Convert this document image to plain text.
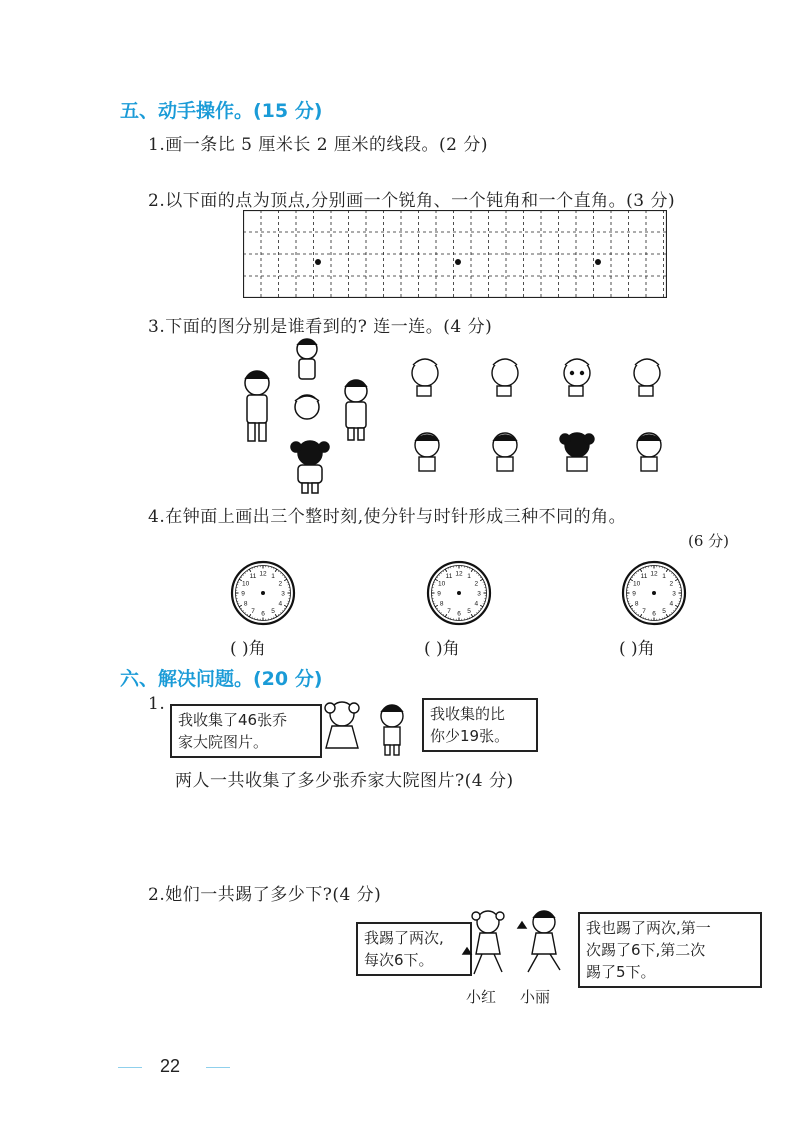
五、动手操作。(15 分)
1.画一条比 5 厘米长 2 厘米的线段。(2 分)
2.以下面的点为顶点,分别画一个锐角、一个钝角和一个直角。(3 分)
3.下面的图分别是谁看到的? 连一连。(4 分)
4.在钟面上画出三个整时刻,使分针与时针形成三种不同的角。
(6 分)
12 1
2
3
4
5
6
7
8
9
10
11	12 1
2
3
4
5
6
7
8
9
10
11	12 1
2
3
4
5
6
7
8
9
10
11
( )角	( )角	( )角
六、解决问题。(20 分)
1.
我收集了46张乔
家大院图片。
我收集的比
你少19张。
两人一共收集了多少张乔家大院图片?(4 分)
2.她们一共踢了多少下?(4 分)
我踢了两次,
每次6下。
我也踢了两次,第一
次踢了6下,第二次
踢了5下。
小红 小丽
22
